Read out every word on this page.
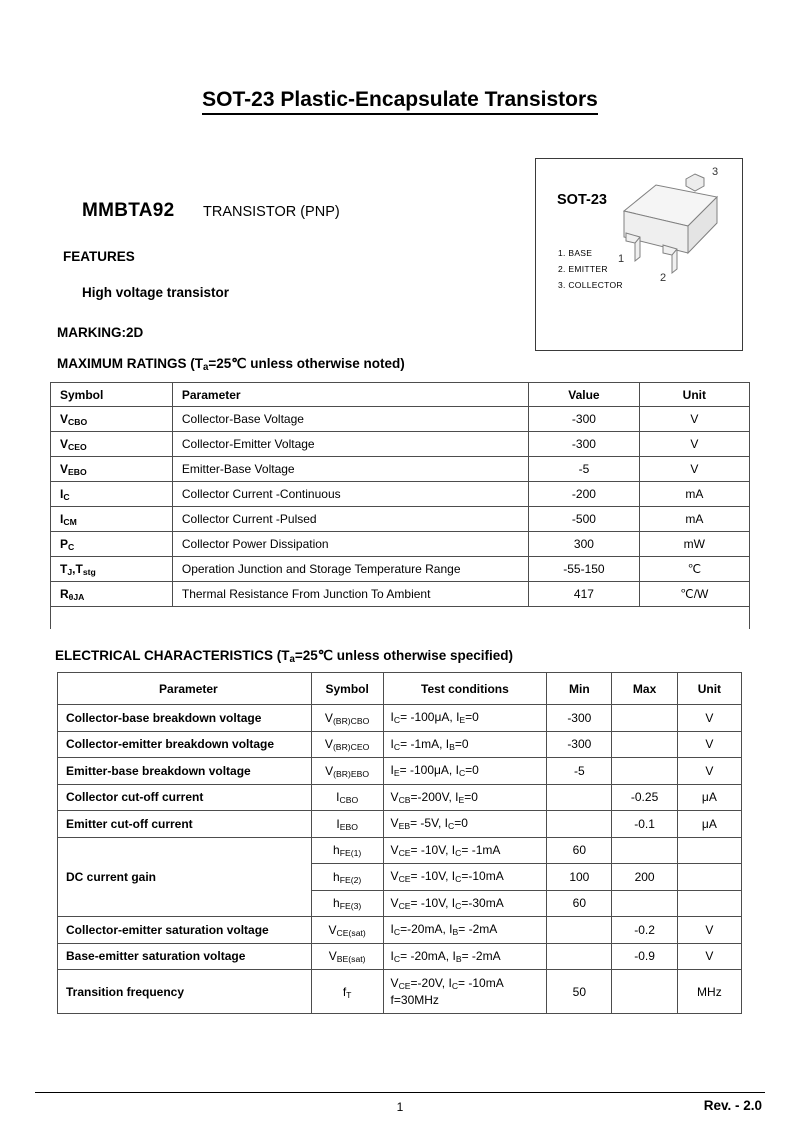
SOT-23 Plastic-Encapsulate Transistors
MMBTA92 TRANSISTOR (PNP)
FEATURES
High voltage transistor
MARKING:2D
SOT-23
3
1
2
1. BASE
2. EMITTER
3. COLLECTOR
MAXIMUM RATINGS ($T_a=25℃$ unless otherwise noted)
Symbol	Parameter	Value	Unit
$V_{CBO}$	Collector-Base Voltage	-300	V
$V_{CEO}$	Collector-Emitter Voltage	-300	V
$V_{EBO}$	Emitter-Base Voltage	-5	V
$I_C$	Collector Current -Continuous	-200	mA
$I_{CM}$	Collector Current -Pulsed	-500	mA
$P_C$	Collector Power Dissipation	300	mW
$T_J,T_{stg}$	Operation Junction and Storage Temperature Range	-55-150	℃
$R_{\theta JA}$	Thermal Resistance From Junction To Ambient	417	℃/W

ELECTRICAL CHARACTERISTICS ($T_a=25℃$ unless otherwise specified)
Parameter	Symbol	Test conditions	Min	Max	Unit
Collector-base breakdown voltage	$V_{(BR)CBO}$	$I_C= -100\mu A$, $I_E=0$	-300		V
Collector-emitter breakdown voltage	$V_{(BR)CEO}$	$I_C= -1mA$, $I_B=0$	-300		V
Emitter-base breakdown voltage	$V_{(BR)EBO}$	$I_E= -100\mu A$, $I_C=0$	-5		V
Collector cut-off current	$I_{CBO}$	$V_{CB}=-200V$, $I_E=0$		-0.25	μA
Emitter cut-off current	$I_{EBO}$	$V_{EB}= -5V$, $I_C=0$		-0.1	μA
DC current gain	$h_{FE(1)}$	$V_{CE}= -10V$, $I_C= -1mA$	60		
	$h_{FE(2)}$	$V_{CE}= -10V$, $I_C=-10mA$	100	200	
	$h_{FE(3)}$	$V_{CE}= -10V$, $I_C=-30mA$	60		
Collector-emitter saturation voltage	$V_{CE(sat)}$	$I_C=-20mA$, $I_B= -2mA$		-0.2	V
Base-emitter saturation voltage	$V_{BE(sat)}$	$I_C= -20mA$, $I_B= -2mA$		-0.9	V
Transition frequency	$f_T$	$V_{CE}=-20V$, $I_C= -10mA$
f=30MHz	50		MHz
1	Rev. - 2.0
